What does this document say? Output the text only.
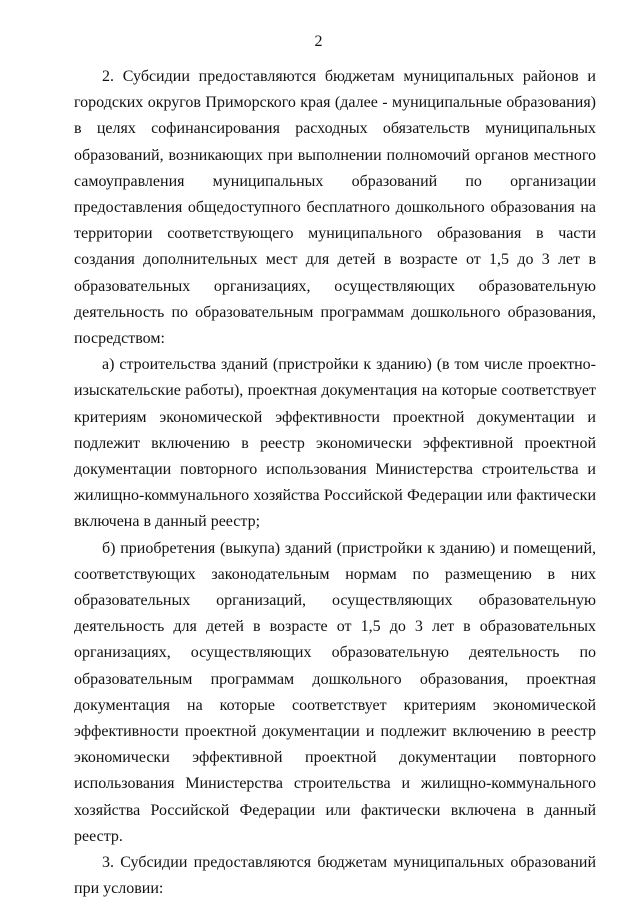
2

2. Субсидии предоставляются бюджетам муниципальных районов и городских округов Приморского края (далее - муниципальные образования) в целях софинансирования расходных обязательств муниципальных образований, возникающих при выполнении полномочий органов местного самоуправления муниципальных образований по организации предоставления общедоступного бесплатного дошкольного образования на территории соответствующего муниципального образования в части создания дополнительных мест для детей в возрасте от 1,5 до 3 лет в образовательных организациях, осуществляющих образовательную деятельность по образовательным программам дошкольного образования, посредством:

а) строительства зданий (пристройки к зданию) (в том числе проектно-изыскательские работы), проектная документация на которые соответствует критериям экономической эффективности проектной документации и подлежит включению в реестр экономически эффективной проектной документации повторного использования Министерства строительства и жилищно-коммунального хозяйства Российской Федерации или фактически включена в данный реестр;

б) приобретения (выкупа) зданий (пристройки к зданию) и помещений, соответствующих законодательным нормам по размещению в них образовательных организаций, осуществляющих образовательную деятельность для детей в возрасте от 1,5 до 3 лет в образовательных организациях, осуществляющих образовательную деятельность по образовательным программам дошкольного образования, проектная документация на которые соответствует критериям экономической эффективности проектной документации и подлежит включению в реестр экономически эффективной проектной документации повторного использования Министерства строительства и жилищно-коммунального хозяйства Российской Федерации или фактически включена в данный реестр.

3. Субсидии предоставляются бюджетам муниципальных образований при условии:
